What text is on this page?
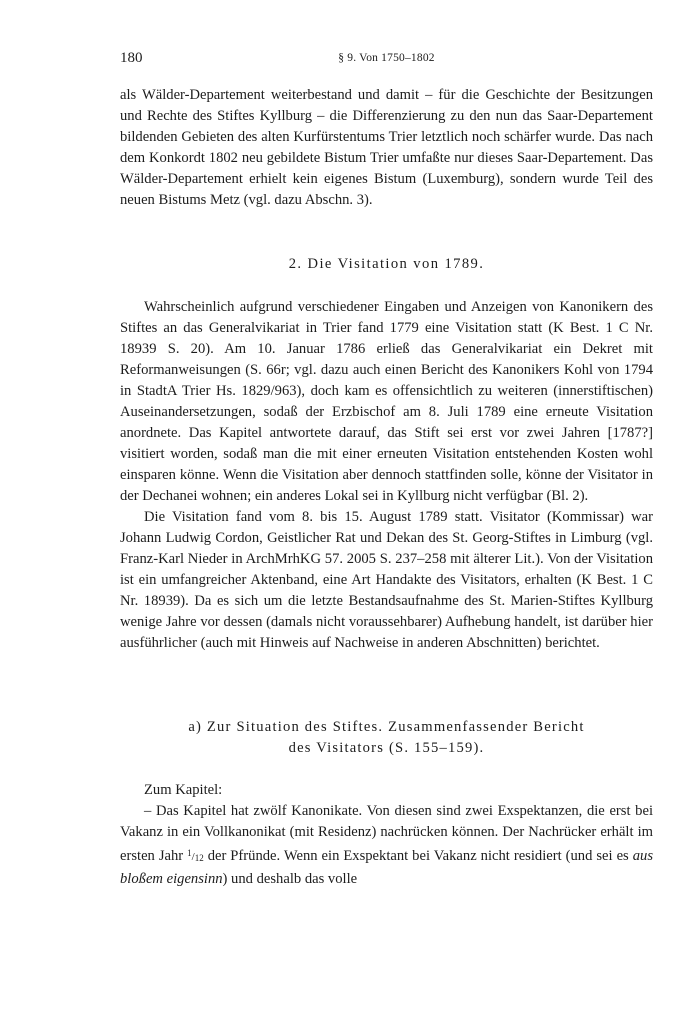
180	§ 9. Von 1750–1802

als Wälder-Departement weiterbestand und damit – für die Geschichte der Besitzungen und Rechte des Stiftes Kyllburg – die Differenzierung zu den nun das Saar-Departement bildenden Gebieten des alten Kurfürstentums Trier letztlich noch schärfer wurde. Das nach dem Konkordt 1802 neu gebildete Bistum Trier umfaßte nur dieses Saar-Departement. Das Wälder-Departement erhielt kein eigenes Bistum (Luxemburg), sondern wurde Teil des neuen Bistums Metz (vgl. dazu Abschn. 3).

2. Die Visitation von 1789.

Wahrscheinlich aufgrund verschiedener Eingaben und Anzeigen von Kanonikern des Stiftes an das Generalvikariat in Trier fand 1779 eine Visitation statt (K Best. 1 C Nr. 18939 S. 20). Am 10. Januar 1786 erließ das Generalvikariat ein Dekret mit Reformanweisungen (S. 66r; vgl. dazu auch einen Bericht des Kanonikers Kohl von 1794 in StadtA Trier Hs. 1829/963), doch kam es offensichtlich zu weiteren (innerstiftischen) Auseinandersetzungen, sodaß der Erzbischof am 8. Juli 1789 eine erneute Visitation anordnete. Das Kapitel antwortete darauf, das Stift sei erst vor zwei Jahren [1787?] visitiert worden, sodaß man die mit einer erneuten Visitation entstehenden Kosten wohl einsparen könne. Wenn die Visitation aber dennoch stattfinden solle, könne der Visitator in der Dechanei wohnen; ein anderes Lokal sei in Kyllburg nicht verfügbar (Bl. 2).

Die Visitation fand vom 8. bis 15. August 1789 statt. Visitator (Kommissar) war Johann Ludwig Cordon, Geistlicher Rat und Dekan des St. Georg-Stiftes in Limburg (vgl. Franz-Karl Nieder in ArchMrhKG 57. 2005 S. 237–258 mit älterer Lit.). Von der Visitation ist ein umfangreicher Aktenband, eine Art Handakte des Visitators, erhalten (K Best. 1 C Nr. 18939). Da es sich um die letzte Bestandsaufnahme des St. Marien-Stiftes Kyllburg wenige Jahre vor dessen (damals nicht voraussehbarer) Aufhebung handelt, ist darüber hier ausführlicher (auch mit Hinweis auf Nachweise in anderen Abschnitten) berichtet.

a) Zur Situation des Stiftes. Zusammenfassender Bericht

des Visitators (S. 155–159).

Zum Kapitel:

– Das Kapitel hat zwölf Kanonikate. Von diesen sind zwei Exspektanzen, die erst bei Vakanz in ein Vollkanonikat (mit Residenz) nachrücken können. Der Nachrücker erhält im ersten Jahr $^1/_{12}$ der Pfründe. Wenn ein Exspektant bei Vakanz nicht residiert (und sei es aus bloßem eigensinn) und deshalb das volle
